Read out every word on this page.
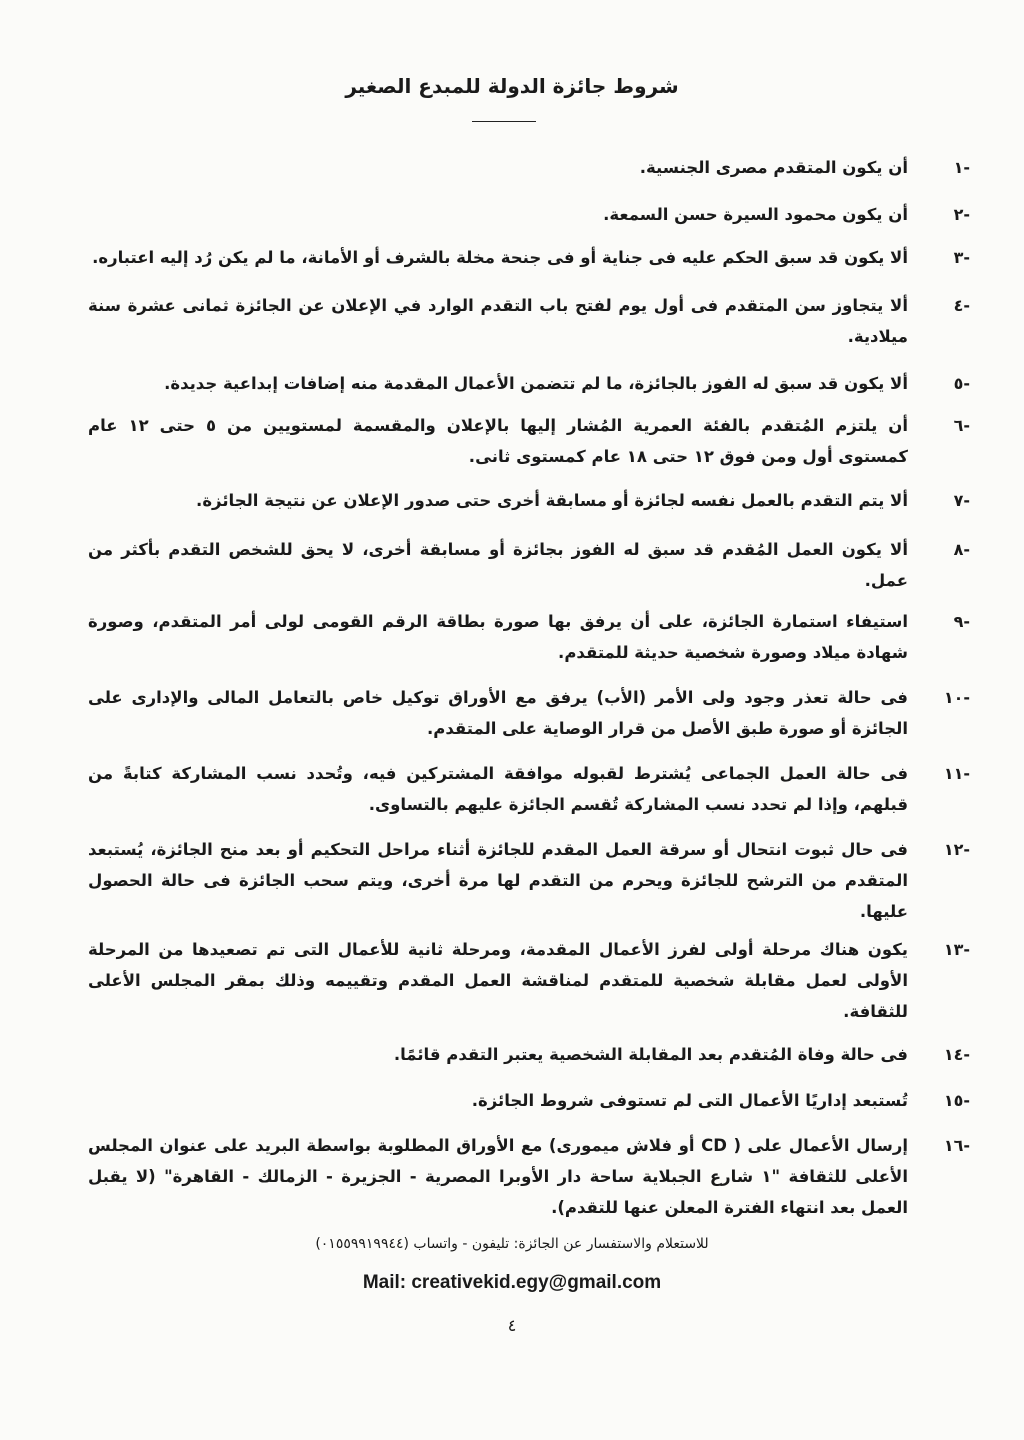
شروط جائزة الدولة للمبدع الصغير
-١
أن يكون المتقدم مصرى الجنسية.
-٢
أن يكون محمود السيرة حسن السمعة.
-٣
ألا يكون قد سبق الحكم عليه فى جناية أو فى جنحة مخلة بالشرف أو الأمانة، ما لم يكن رُد إليه اعتباره.
-٤
ألا يتجاوز سن المتقدم فى أول يوم لفتح باب التقدم الوارد في الإعلان عن الجائزة ثمانى عشرة سنة ميلادية.
-٥
ألا يكون قد سبق له الفوز بالجائزة، ما لم تتضمن الأعمال المقدمة منه إضافات إبداعية جديدة.
-٦
أن يلتزم المُتقدم بالفئة العمرية المُشار إليها بالإعلان والمقسمة لمستويين من ٥ حتى ١٢ عام كمستوى أول ومن فوق ١٢ حتى ١٨ عام كمستوى ثانى.
-٧
ألا يتم التقدم بالعمل نفسه لجائزة أو مسابقة أخرى حتى صدور الإعلان عن نتيجة الجائزة.
-٨
ألا يكون العمل المُقدم قد سبق له الفوز بجائزة أو مسابقة أخرى، لا يحق للشخص التقدم بأكثر من عمل.
-٩
استيفاء استمارة الجائزة، على أن يرفق بها صورة بطاقة الرقم القومى لولى أمر المتقدم، وصورة شهادة ميلاد وصورة شخصية حديثة للمتقدم.
-١٠
فى حالة تعذر وجود ولى الأمر (الأب) يرفق مع الأوراق توكيل خاص بالتعامل المالى والإدارى على الجائزة أو صورة طبق الأصل من قرار الوصاية على المتقدم.
-١١
فى حالة العمل الجماعى يُشترط لقبوله موافقة المشتركين فيه، وتُحدد نسب المشاركة كتابةً من قبلهم، وإذا لم تحدد نسب المشاركة تُقسم الجائزة عليهم بالتساوى.
-١٢
فى حال ثبوت انتحال أو سرقة العمل المقدم للجائزة أثناء مراحل التحكيم أو بعد منح الجائزة، يُستبعد المتقدم من الترشح للجائزة ويحرم من التقدم لها مرة أخرى، ويتم سحب الجائزة فى حالة الحصول عليها.
-١٣
يكون هناك مرحلة أولى لفرز الأعمال المقدمة، ومرحلة ثانية للأعمال التى تم تصعيدها من المرحلة الأولى لعمل مقابلة شخصية للمتقدم لمناقشة العمل المقدم وتقييمه وذلك بمقر المجلس الأعلى للثقافة.
-١٤
فى حالة وفاة المُتقدم بعد المقابلة الشخصية يعتبر التقدم قائمًا.
-١٥
تُستبعد إداريًا الأعمال التى لم تستوفى شروط الجائزة.
-١٦
إرسال الأعمال على ( CD أو فلاش ميمورى) مع الأوراق المطلوبة بواسطة البريد على عنوان المجلس الأعلى للثقافة "١ شارع الجبلاية ساحة دار الأوبرا المصرية - الجزيرة - الزمالك - القاهرة" (لا يقبل العمل بعد انتهاء الفترة المعلن عنها للتقدم).
للاستعلام والاستفسار عن الجائزة: تليفون - واتساب (٠١٥٥٩٩١٩٩٤٤)
Mail: creativekid.egy@gmail.com
٤
